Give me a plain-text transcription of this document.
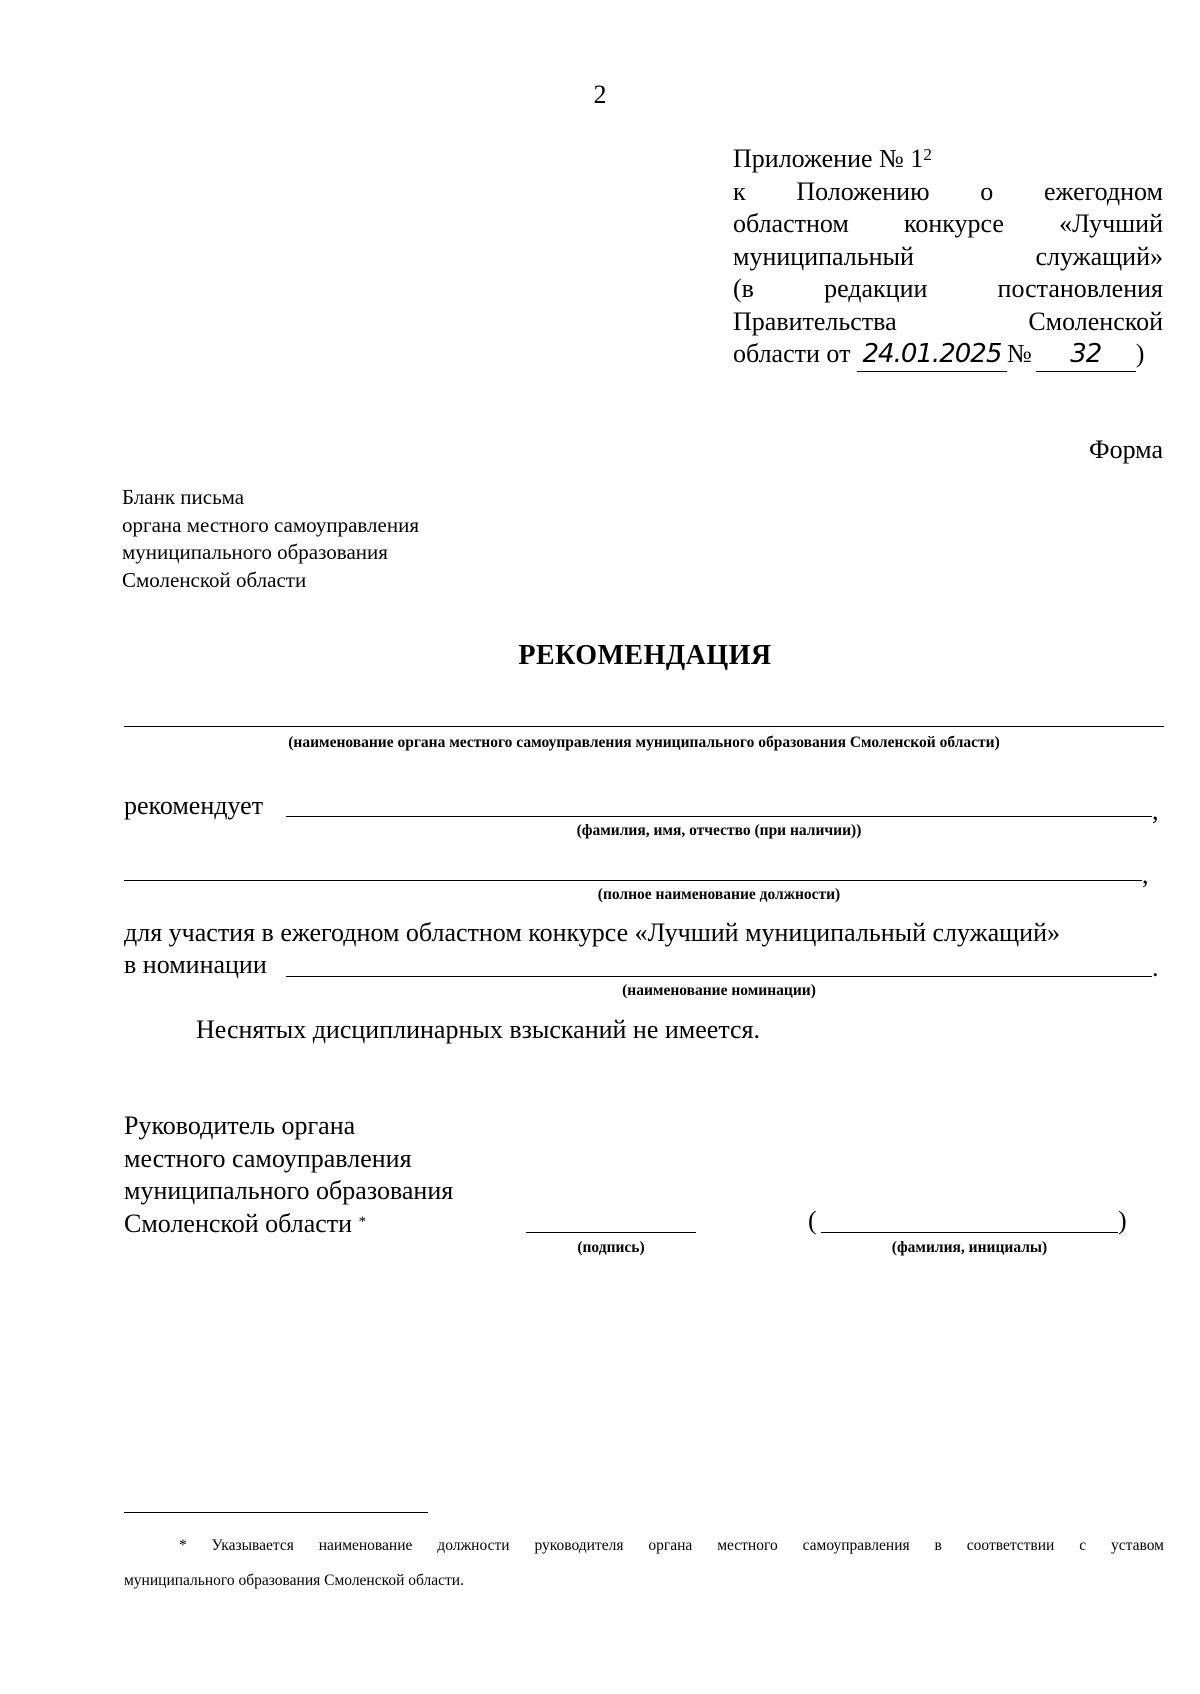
2
Приложение № $1^2$
к Положению о ежегодном
областном конкурсе «Лучший
муниципальный	служащий»
(в	редакции	постановления
Правительства	Смоленской
области от 24.01.2025 № 32 )
Форма
Бланк письма
органа местного самоуправления
муниципального образования
Смоленской области
РЕКОМЕНДАЦИЯ
(наименование органа местного самоуправления муниципального образования Смоленской области)
рекомендует	,
(фамилия, имя, отчество (при наличии))
,
(полное наименование должности)
для участия в ежегодном областном конкурсе «Лучший муниципальный служащий»
в номинации	.
(наименование номинации)
Неснятых дисциплинарных взысканий не имеется.
Руководитель органа
местного самоуправления
муниципального образования
Смоленской области *
(подпись)
(	)
(фамилия, инициалы)
* Указывается наименование должности руководителя органа местного самоуправления в соответствии с уставом
муниципального образования Смоленской области.
